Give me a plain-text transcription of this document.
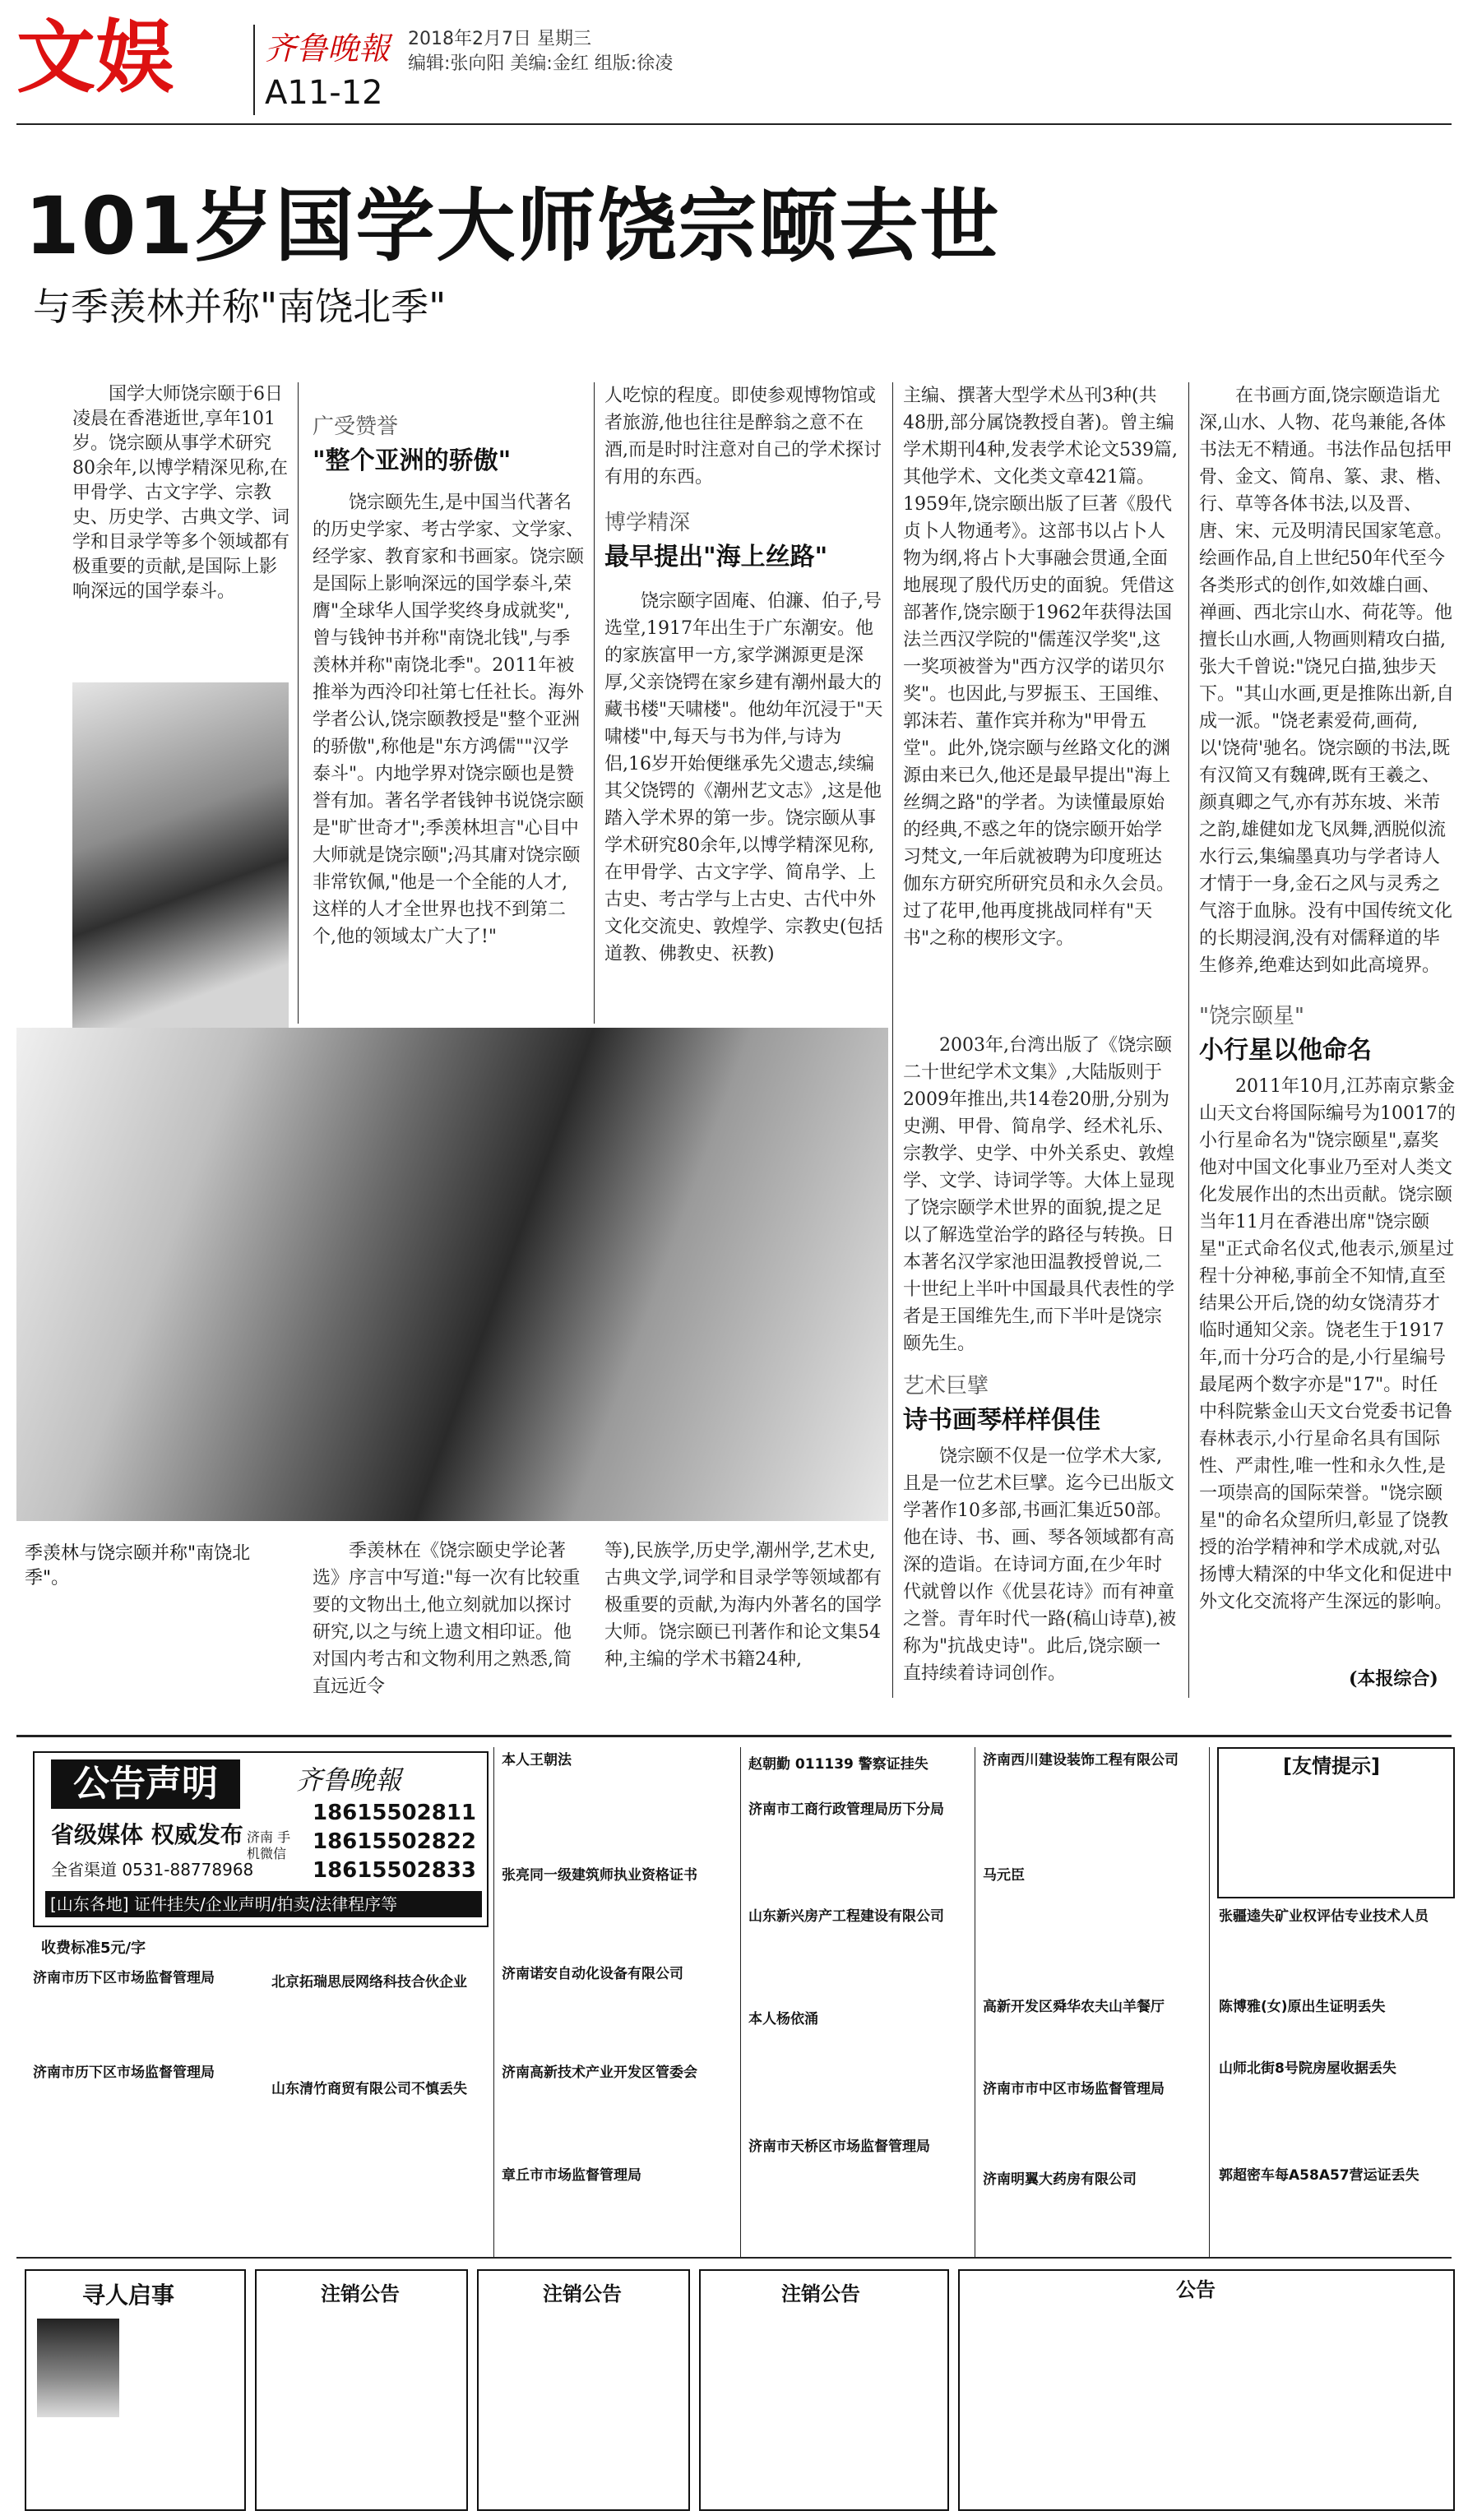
文娱	齐鲁晚報
A11-12
2018年2月7日 星期三
编辑:张向阳 美编:金红 组版:徐凌
101岁国学大师饶宗颐去世
与季羡林并称"南饶北季"
国学大师饶宗颐于6日凌晨在香港逝世,享年101岁。饶宗颐从事学术研究80余年,以博学精深见称,在甲骨学、古文字学、宗教史、历史学、古典文学、词学和目录学等多个领域都有极重要的贡献,是国际上影响深远的国学泰斗。
广受赞誉
"整个亚洲的骄傲"
饶宗颐先生,是中国当代著名的历史学家、考古学家、文学家、经学家、教育家和书画家。饶宗颐是国际上影响深远的国学泰斗,荣膺"全球华人国学奖终身成就奖",曾与钱钟书并称"南饶北钱",与季羡林并称"南饶北季"。2011年被推举为西泠印社第七任社长。海外学者公认,饶宗颐教授是"整个亚洲的骄傲",称他是"东方鸿儒""汉学泰斗"。内地学界对饶宗颐也是赞誉有加。著名学者钱钟书说饶宗颐是"旷世奇才";季羡林坦言"心目中大师就是饶宗颐";冯其庸对饶宗颐非常钦佩,"他是一个全能的人才,这样的人才全世界也找不到第二个,他的领域太广大了!"
人吃惊的程度。即使参观博物馆或者旅游,他也往往是醉翁之意不在酒,而是时时注意对自己的学术探讨有用的东西。
博学精深
最早提出"海上丝路"
饶宗颐字固庵、伯濂、伯子,号选堂,1917年出生于广东潮安。他的家族富甲一方,家学渊源更是深厚,父亲饶锷在家乡建有潮州最大的藏书楼"天啸楼"。他幼年沉浸于"天啸楼"中,每天与书为伴,与诗为侣,16岁开始便继承先父遗志,续编其父饶锷的《潮州艺文志》,这是他踏入学术界的第一步。饶宗颐从事学术研究80余年,以博学精深见称,在甲骨学、古文字学、简帛学、上古史、考古学与上古史、古代中外文化交流史、敦煌学、宗教史(包括道教、佛教史、祆教)
主编、撰著大型学术丛刊3种(共48册,部分属饶教授自著)。曾主编学术期刊4种,发表学术论文539篇,其他学术、文化类文章421篇。1959年,饶宗颐出版了巨著《殷代贞卜人物通考》。这部书以占卜人物为纲,将占卜大事融会贯通,全面地展现了殷代历史的面貌。凭借这部著作,饶宗颐于1962年获得法国法兰西汉学院的"儒莲汉学奖",这一奖项被誉为"西方汉学的诺贝尔奖"。也因此,与罗振玉、王国维、郭沫若、董作宾并称为"甲骨五堂"。此外,饶宗颐与丝路文化的渊源由来已久,他还是最早提出"海上丝绸之路"的学者。为读懂最原始的经典,不惑之年的饶宗颐开始学习梵文,一年后就被聘为印度班达伽东方研究所研究员和永久会员。过了花甲,他再度挑战同样有"天书"之称的楔形文字。
2003年,台湾出版了《饶宗颐二十世纪学术文集》,大陆版则于2009年推出,共14卷20册,分别为史溯、甲骨、简帛学、经术礼乐、宗教学、史学、中外关系史、敦煌学、文学、诗词学等。大体上显现了饶宗颐学术世界的面貌,提之足以了解选堂治学的路径与转换。日本著名汉学家池田温教授曾说,二十世纪上半叶中国最具代表性的学者是王国维先生,而下半叶是饶宗颐先生。
艺术巨擘
诗书画琴样样俱佳
饶宗颐不仅是一位学术大家,且是一位艺术巨擘。迄今已出版文学著作10多部,书画汇集近50部。他在诗、书、画、琴各领域都有高深的造诣。在诗词方面,在少年时代就曾以作《优昙花诗》而有神童之誉。青年时代一路(稿山诗草),被称为"抗战史诗"。此后,饶宗颐一直持续着诗词创作。
在书画方面,饶宗颐造诣尤深,山水、人物、花鸟兼能,各体书法无不精通。书法作品包括甲骨、金文、简帛、篆、隶、楷、行、草等各体书法,以及晋、唐、宋、元及明清民国家笔意。绘画作品,自上世纪50年代至今各类形式的创作,如效雄白画、禅画、西北宗山水、荷花等。他擅长山水画,人物画则精攻白描,张大千曾说:"饶兄白描,独步天下。"其山水画,更是推陈出新,自成一派。"饶老素爱荷,画荷,以'饶荷'驰名。饶宗颐的书法,既有汉简又有魏碑,既有王羲之、颜真卿之气,亦有苏东坡、米芾之韵,雄健如龙飞凤舞,洒脱似流水行云,集编墨真功与学者诗人才情于一身,金石之风与灵秀之气溶于血脉。没有中国传统文化的长期浸润,没有对儒释道的毕生修养,绝难达到如此高境界。
"饶宗颐星"
小行星以他命名
2011年10月,江苏南京紫金山天文台将国际编号为10017的小行星命名为"饶宗颐星",嘉奖他对中国文化事业乃至对人类文化发展作出的杰出贡献。饶宗颐当年11月在香港出席"饶宗颐星"正式命名仪式,他表示,颁星过程十分神秘,事前全不知情,直至结果公开后,饶的幼女饶清芬才临时通知父亲。饶老生于1917年,而十分巧合的是,小行星编号最尾两个数字亦是"17"。时任中科院紫金山天文台党委书记鲁春林表示,小行星命名具有国际性、严肃性,唯一性和永久性,是一项崇高的国际荣誉。"饶宗颐星"的命名众望所归,彰显了饶教授的治学精神和学术成就,对弘扬博大精深的中华文化和促进中外文化交流将产生深远的影响。
(本报综合)
季羡林与饶宗颐并称"南饶北季"。
季羡林在《饶宗颐史学论著选》序言中写道:"每一次有比较重要的文物出土,他立刻就加以探讨研究,以之与统上遗文相印证。他对国内考古和文物利用之熟悉,简直远近令
等),民族学,历史学,潮州学,艺术史,古典文学,词学和目录学等领域都有极重要的贡献,为海内外著名的国学大师。饶宗颐已刊著作和论文集54种,主编的学术书籍24种,
公告声明	齐鲁晚報
省级媒体 权威发布
全省渠道 0531-88778968
济南 手机微信
18615502811
18615502822
18615502833
[山东各地] 证件挂失/企业声明/拍卖/法律程序等
收费标准5元/字
济南市历下区市场监督管理局
济南市历下区市场监督管理局
北京拓瑞思辰网络科技合伙企业
山东清竹商贸有限公司不慎丢失
本人王朝法
张亮同一级建筑师执业资格证书
济南诺安自动化设备有限公司
济南高新技术产业开发区管委会
章丘市市场监督管理局
赵朝勤 011139 警察证挂失
济南市工商行政管理局历下分局
山东新兴房产工程建设有限公司
本人杨依涌
济南市天桥区市场监督管理局
济南西川建设装饰工程有限公司
马元臣
高新开发区舜华农夫山羊餐厅
济南市市中区市场监督管理局
济南明翼大药房有限公司
[友情提示]
张疆逵失矿业权评估专业技术人员
陈博雅(女)原出生证明丢失
山师北街8号院房屋收据丢失
郭超密车每A58A57营运证丢失
寻人启事	注销公告	注销公告	注销公告	公告
